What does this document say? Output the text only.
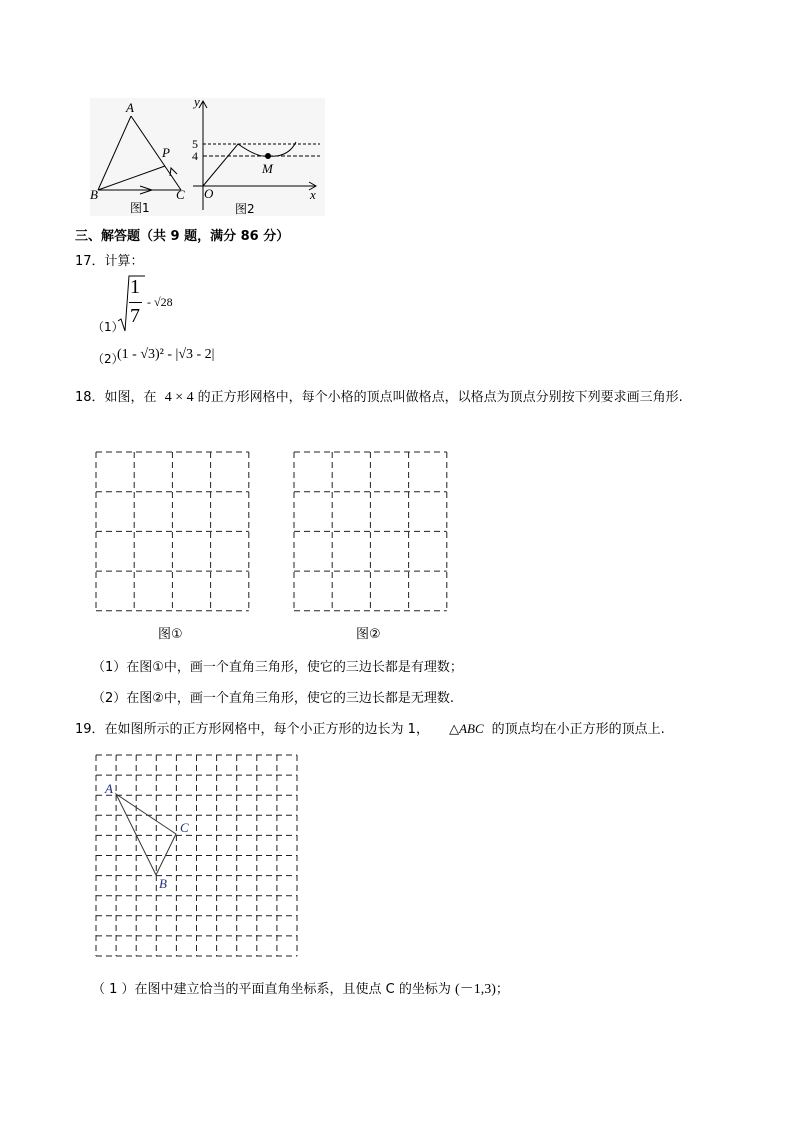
A
B	C
P
图1
y
x
O
M
5
4
图2
三、解答题（共 9 题，满分 86 分）
17．计算：
（1）
1
7
- √28
（2）
(1 - √3)² - |√3 - 2|
18．如图，在 4 × 4 的正方形网格中，每个小格的顶点叫做格点，以格点为顶点分别按下列要求画三角形.
图①	图②
（1）在图①中，画一个直角三角形，使它的三边长都是有理数；
（2）在图②中，画一个直角三角形，使它的三边长都是无理数.
19．在如图所示的正方形网格中，每个小正方形的边长为 1， △ABC 的顶点均在小正方形的顶点上.
A
C
B
（ 1 ）在图中建立恰当的平面直角坐标系，且使点 C 的坐标为 (－1,3)；
